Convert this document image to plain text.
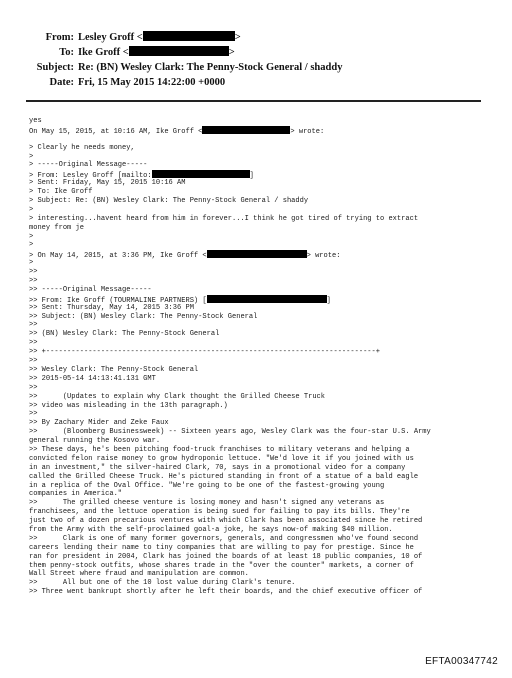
From: Lesley Groff <	>
To: Ike Groff <	>
Subject: Re: (BN) Wesley Clark: The Penny-Stock General / shaddy
Date: Fri, 15 May 2015 14:22:00 +0000
yes
On May 15, 2015, at 10:16 AM, Ike Groff <	> wrote:
> Clearly he needs money,
>
> -----Original Message-----
> From: Lesley Groff [mailto:	]
> Sent: Friday, May 15, 2015 10:16 AM
> To: Ike Groff
> Subject: Re: (BN) Wesley Clark: The Penny-Stock General / shaddy
>
> interesting...havent heard from him in forever...I think he got tired of trying to extract
money from je
>
>
> On May 14, 2015, at 3:36 PM, Ike Groff <	> wrote:
>
>>
>>
>> -----Original Message-----
>> From: Ike Groff (TOURMALINE PARTNERS) [	]
>> Sent: Thursday, May 14, 2015 3:36 PM
>> Subject: (BN) Wesley Clark: The Penny-Stock General
>>
>> (BN) Wesley Clark: The Penny-Stock General
>>
>> +------------------------------------------------------------------------------+
>>
>> Wesley Clark: The Penny-Stock General
>> 2015-05-14 14:13:41.131 GMT
>>
>>      (Updates to explain why Clark thought the Grilled Cheese Truck
>> video was misleading in the 13th paragraph.)
>>
>> By Zachary Mider and Zeke Faux
>>      (Bloomberg Businessweek) -- Sixteen years ago, Wesley Clark was the four-star U.S. Army
general running the Kosovo war.
>> These days, he's been pitching food-truck franchises to military veterans and helping a
convicted felon raise money to grow hydroponic lettuce. "We'd love it if you joined with us
in an investment," the silver-haired Clark, 70, says in a promotional video for a company
called the Grilled Cheese Truck. He's pictured standing in front of a statue of a bald eagle
in a replica of the Oval Office. "We're going to be one of the fastest-growing young
companies in America."
>>      The grilled cheese venture is losing money and hasn't signed any veterans as
franchisees, and the lettuce operation is being sued for failing to pay its bills. They're
just two of a dozen precarious ventures with which Clark has been associated since he retired
from the Army with the self-proclaimed goal-a joke, he says now-of making $40 million.
>>      Clark is one of many former governors, generals, and congressmen who've found second
careers lending their name to tiny companies that are willing to pay for prestige. Since he
ran for president in 2004, Clark has joined the boards of at least 18 public companies, 10 of
them penny-stock outfits, whose shares trade in the "over the counter" markets, a corner of
Wall Street where fraud and manipulation are common.
>>      All but one of the 10 lost value during Clark's tenure.
>> Three went bankrupt shortly after he left their boards, and the chief executive officer of
EFTA00347742
